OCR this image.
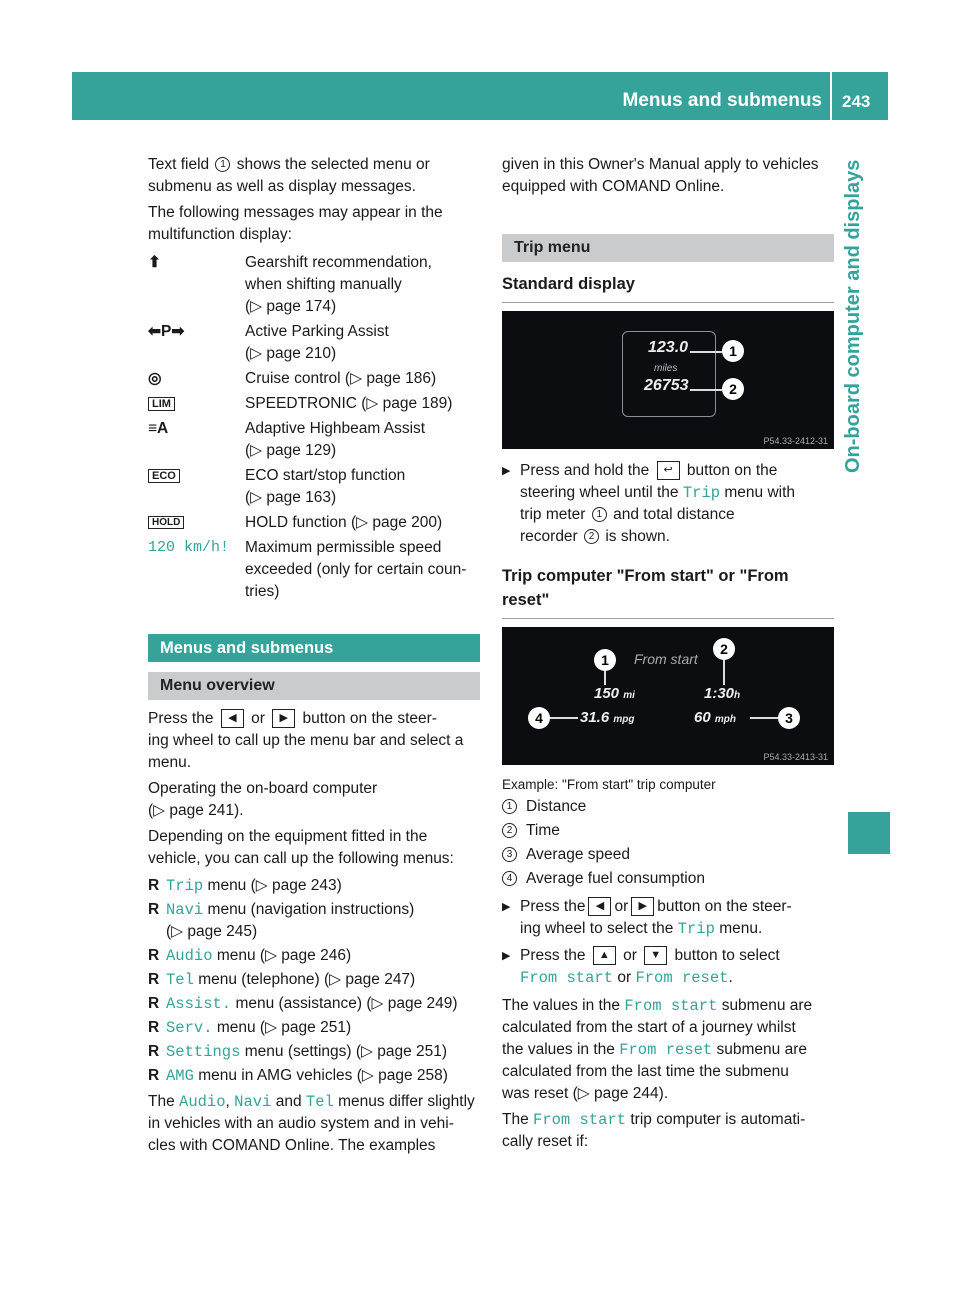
Menus and submenus 243
On-board computer and displays

Text field 1 shows the selected menu or

submenu as well as display messages.

The following messages may appear in the

multifunction display:

⬆	Gearshift recommendation,

when shifting manually

(▷ page 174)

⬅P➡	Active Parking Assist

(▷ page 210)

◎	Cruise control (▷ page 186)

LIM	SPEEDTRONIC (▷ page 189)

≡A	Adaptive Highbeam Assist

(▷ page 129)

ECO	ECO start/stop function

(▷ page 163)

HOLD	HOLD function (▷ page 200)

120 km/h!	Maximum permissible speed

exceeded (only for certain coun-

tries)

Menus and submenus
Menu overview

Press the ◀ or ▶ button on the steer-

ing wheel to call up the menu bar and select a

menu.

Operating the on-board computer

(▷ page 241).

Depending on the equipment fitted in the

vehicle, you can call up the following menus:

R Trip menu (▷ page 243)
R Navi menu (navigation instructions)
(▷ page 245)
R Audio menu (▷ page 246)
R Tel menu (telephone) (▷ page 247)
R Assist. menu (assistance) (▷ page 249)
R Serv. menu (▷ page 251)
R Settings menu (settings) (▷ page 251)
R AMG menu in AMG vehicles (▷ page 258)

The Audio, Navi and Tel menus differ slightly

in vehicles with an audio system and in vehi-

cles with COMAND Online. The examples

given in this Owner's Manual apply to vehicles

equipped with COMAND Online.

Trip menu
Standard display
123.0
miles
26753
1
2
P54.33-2412-31
▶ Press and hold the ↩ button on the
steering wheel until the Trip menu with
trip meter 1 and total distance
recorder 2 is shown.
Trip computer "From start" or "From reset"
From start
1
2
150 mi	1:30h
4	31.6 mpg	60 mph	3
P54.33-2413-31
Example: "From start" trip computer
1 Distance
2 Time
3 Average speed
4 Average fuel consumption
▶ Press the ◀ or ▶ button on the steer-
ing wheel to select the Trip menu.
▶ Press the ▲ or ▼ button to select
From start or From reset.

The values in the From start submenu are

calculated from the start of a journey whilst

the values in the From reset submenu are

calculated from the last time the submenu

was reset (▷ page 244).

The From start trip computer is automati-

cally reset if:
